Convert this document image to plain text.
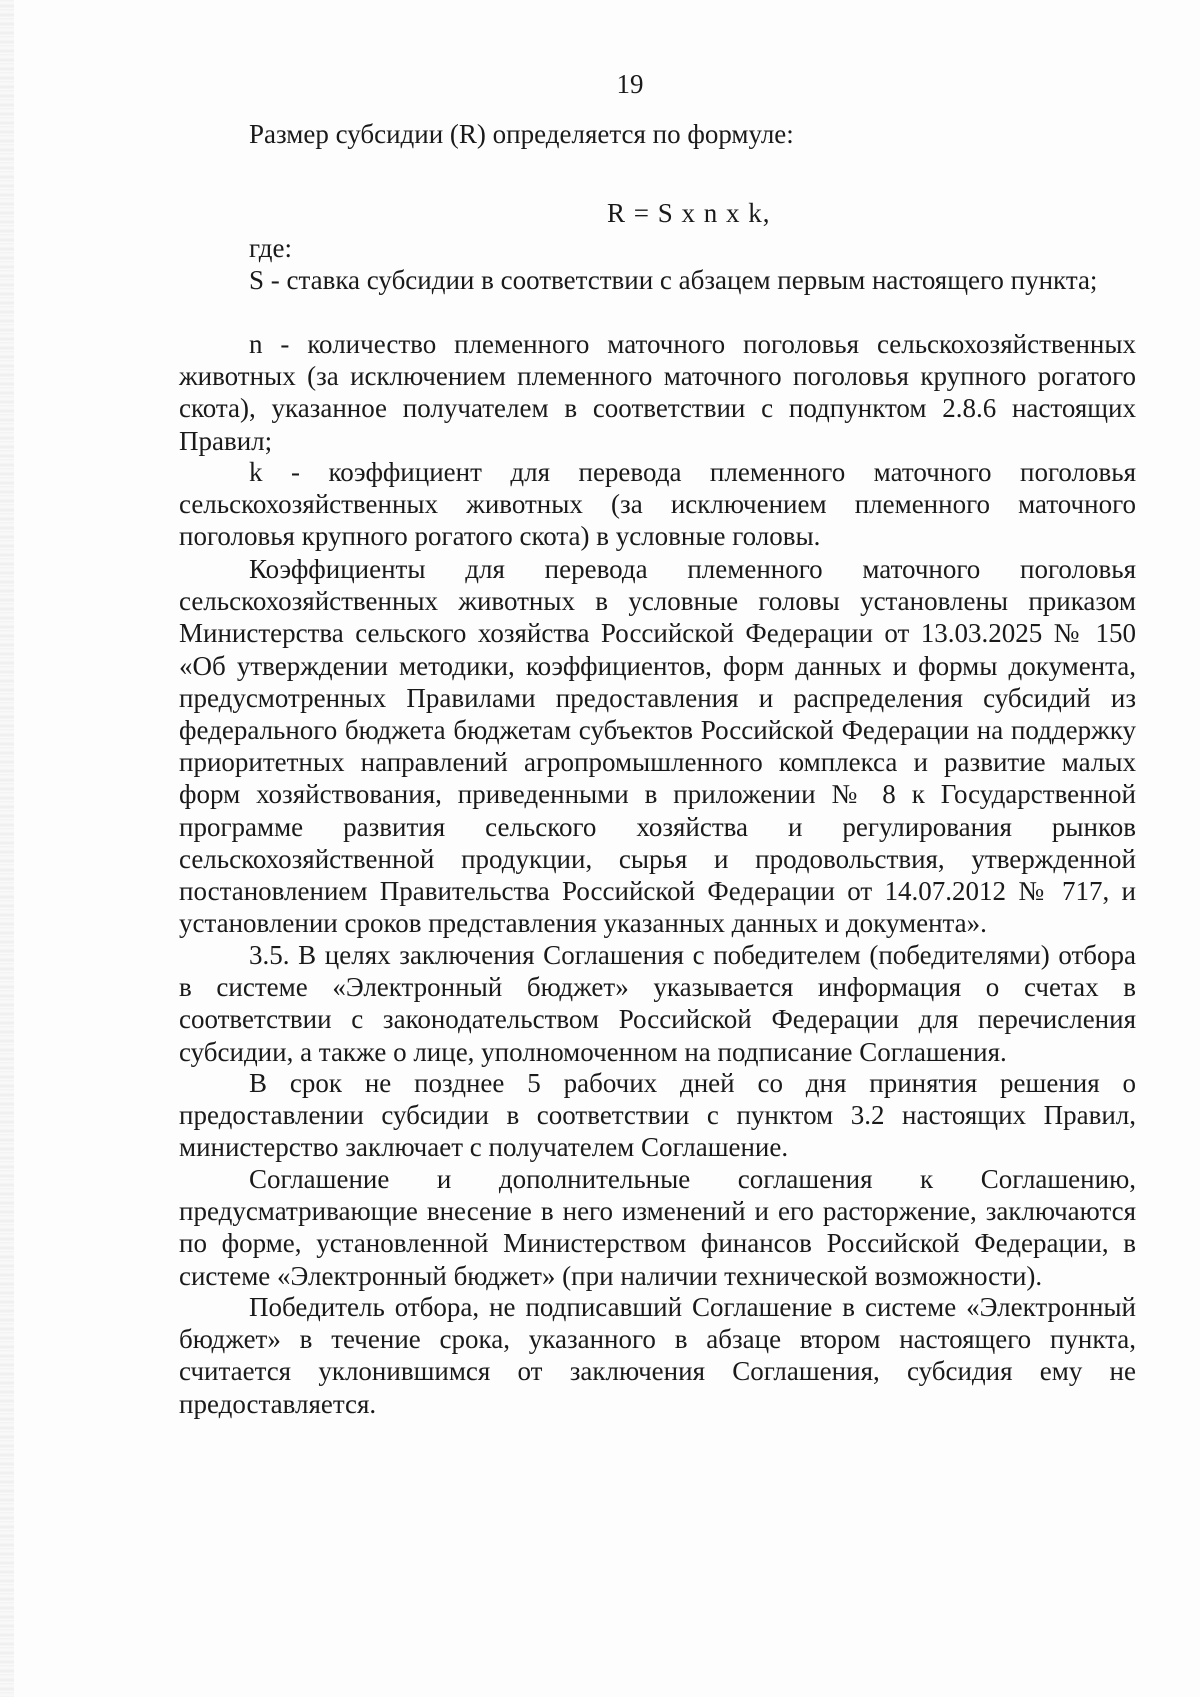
19

Размер субсидии (R) определяется по формуле:

R = S x n x k,

где:

S - ставка субсидии в соответствии с абзацем первым настоящего пункта;

n - количество племенного маточного поголовья сельскохозяйственных животных (за исключением племенного маточного поголовья крупного рогатого скота), указанное получателем в соответствии с подпунктом 2.8.6 настоящих Правил;

k - коэффициент для перевода племенного маточного поголовья сельскохозяйственных животных (за исключением племенного маточного поголовья крупного рогатого скота) в условные головы.

Коэффициенты для перевода племенного маточного поголовья сельскохозяйственных животных в условные головы установлены приказом Министерства сельского хозяйства Российской Федерации от 13.03.2025 № 150 «Об утверждении методики, коэффициентов, форм данных и формы документа, предусмотренных Правилами предоставления и распределения субсидий из федерального бюджета бюджетам субъектов Российской Федерации на поддержку приоритетных направлений агропромышленного комплекса и развитие малых форм хозяйствования, приведенными в приложении № 8 к Государственной программе развития сельского хозяйства и регулирования рынков сельскохозяйственной продукции, сырья и продовольствия, утвержденной постановлением Правительства Российской Федерации от 14.07.2012 № 717, и установлении сроков представления указанных данных и документа».

3.5. В целях заключения Соглашения с победителем (победителями) отбора в системе «Электронный бюджет» указывается информация о счетах в соответствии с законодательством Российской Федерации для перечисления субсидии, а также о лице, уполномоченном на подписание Соглашения.

В срок не позднее 5 рабочих дней со дня принятия решения о предоставлении субсидии в соответствии с пунктом 3.2 настоящих Правил, министерство заключает с получателем Соглашение.

Соглашение и дополнительные соглашения к Соглашению, предусматривающие внесение в него изменений и его расторжение, заключаются по форме, установленной Министерством финансов Российской Федерации, в системе «Электронный бюджет» (при наличии технической возможности).

Победитель отбора, не подписавший Соглашение в системе «Электронный бюджет» в течение срока, указанного в абзаце втором настоящего пункта, считается уклонившимся от заключения Соглашения, субсидия ему не предоставляется.
